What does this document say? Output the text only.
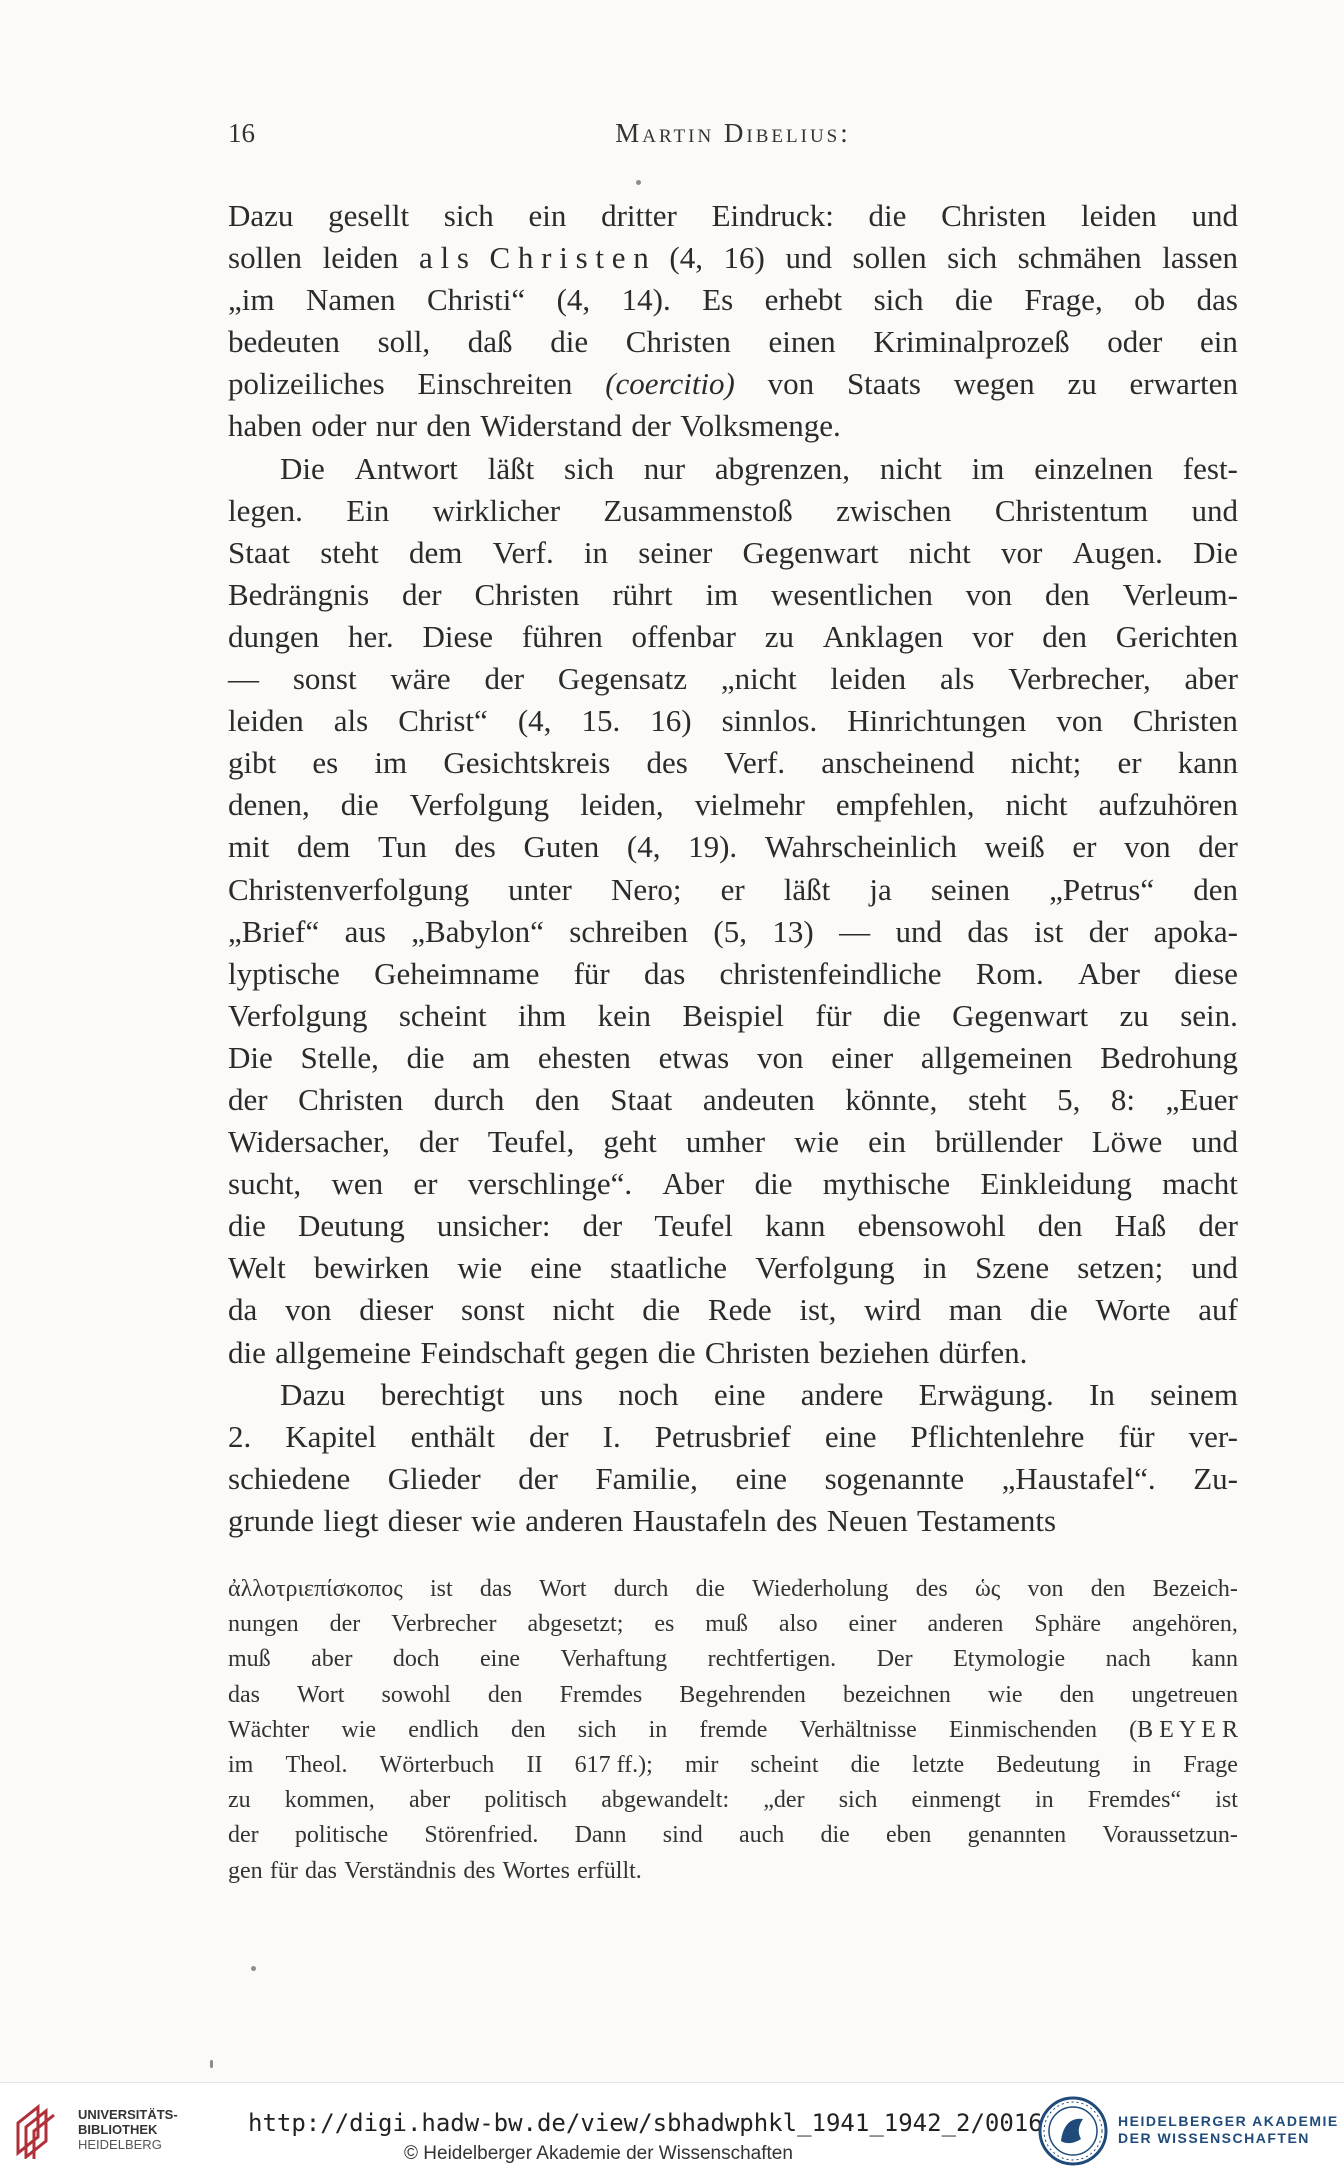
16	Martin Dibelius:
Dazu gesellt sich ein dritter Eindruck: die Christen leiden und
sollen leiden a l s C h r i s t e n (4, 16) und sollen sich schmähen lassen
„im Namen Christi“ (4, 14). Es erhebt sich die Frage, ob das
bedeuten soll, daß die Christen einen Kriminalprozeß oder ein
polizeiliches Einschreiten (coercitio) von Staats wegen zu erwarten
haben oder nur den Widerstand der Volksmenge.
Die Antwort läßt sich nur abgrenzen, nicht im einzelnen fest-
legen. Ein wirklicher Zusammenstoß zwischen Christentum und
Staat steht dem Verf. in seiner Gegenwart nicht vor Augen. Die
Bedrängnis der Christen rührt im wesentlichen von den Verleum-
dungen her. Diese führen offenbar zu Anklagen vor den Gerichten
— sonst wäre der Gegensatz „nicht leiden als Verbrecher, aber
leiden als Christ“ (4, 15. 16) sinnlos. Hinrichtungen von Christen
gibt es im Gesichtskreis des Verf. anscheinend nicht; er kann
denen, die Verfolgung leiden, vielmehr empfehlen, nicht aufzuhören
mit dem Tun des Guten (4, 19). Wahrscheinlich weiß er von der
Christenverfolgung unter Nero; er läßt ja seinen „Petrus“ den
„Brief“ aus „Babylon“ schreiben (5, 13) — und das ist der apoka-
lyptische Geheimname für das christenfeindliche Rom. Aber diese
Verfolgung scheint ihm kein Beispiel für die Gegenwart zu sein.
Die Stelle, die am ehesten etwas von einer allgemeinen Bedrohung
der Christen durch den Staat andeuten könnte, steht 5, 8: „Euer
Widersacher, der Teufel, geht umher wie ein brüllender Löwe und
sucht, wen er verschlinge“. Aber die mythische Einkleidung macht
die Deutung unsicher: der Teufel kann ebensowohl den Haß der
Welt bewirken wie eine staatliche Verfolgung in Szene setzen; und
da von dieser sonst nicht die Rede ist, wird man die Worte auf
die allgemeine Feindschaft gegen die Christen beziehen dürfen.
Dazu berechtigt uns noch eine andere Erwägung. In seinem
2. Kapitel enthält der I. Petrusbrief eine Pflichtenlehre für ver-
schiedene Glieder der Familie, eine sogenannte „Haustafel“. Zu-
grunde liegt dieser wie anderen Haustafeln des Neuen Testaments
ἀλλοτριεπίσκοπος ist das Wort durch die Wiederholung des ὡς von den Bezeich-
nungen der Verbrecher abgesetzt; es muß also einer anderen Sphäre angehören,
muß aber doch eine Verhaftung rechtfertigen. Der Etymologie nach kann
das Wort sowohl den Fremdes Begehrenden bezeichnen wie den ungetreuen
Wächter wie endlich den sich in fremde Verhältnisse Einmischenden (B E Y E R
im Theol. Wörterbuch II 617 ff.); mir scheint die letzte Bedeutung in Frage
zu kommen, aber politisch abgewandelt: „der sich einmengt in Fremdes“ ist
der politische Störenfried. Dann sind auch die eben genannten Voraussetzun-
gen für das Verständnis des Wortes erfüllt.
UNIVERSITÄTS-
BIBLIOTHEK
HEIDELBERG
http://digi.hadw-bw.de/view/sbhadwphkl_1941_1942_2/0016
© Heidelberger Akademie der Wissenschaften
HEIDELBERGER AKADEMIE
DER WISSENSCHAFTEN
